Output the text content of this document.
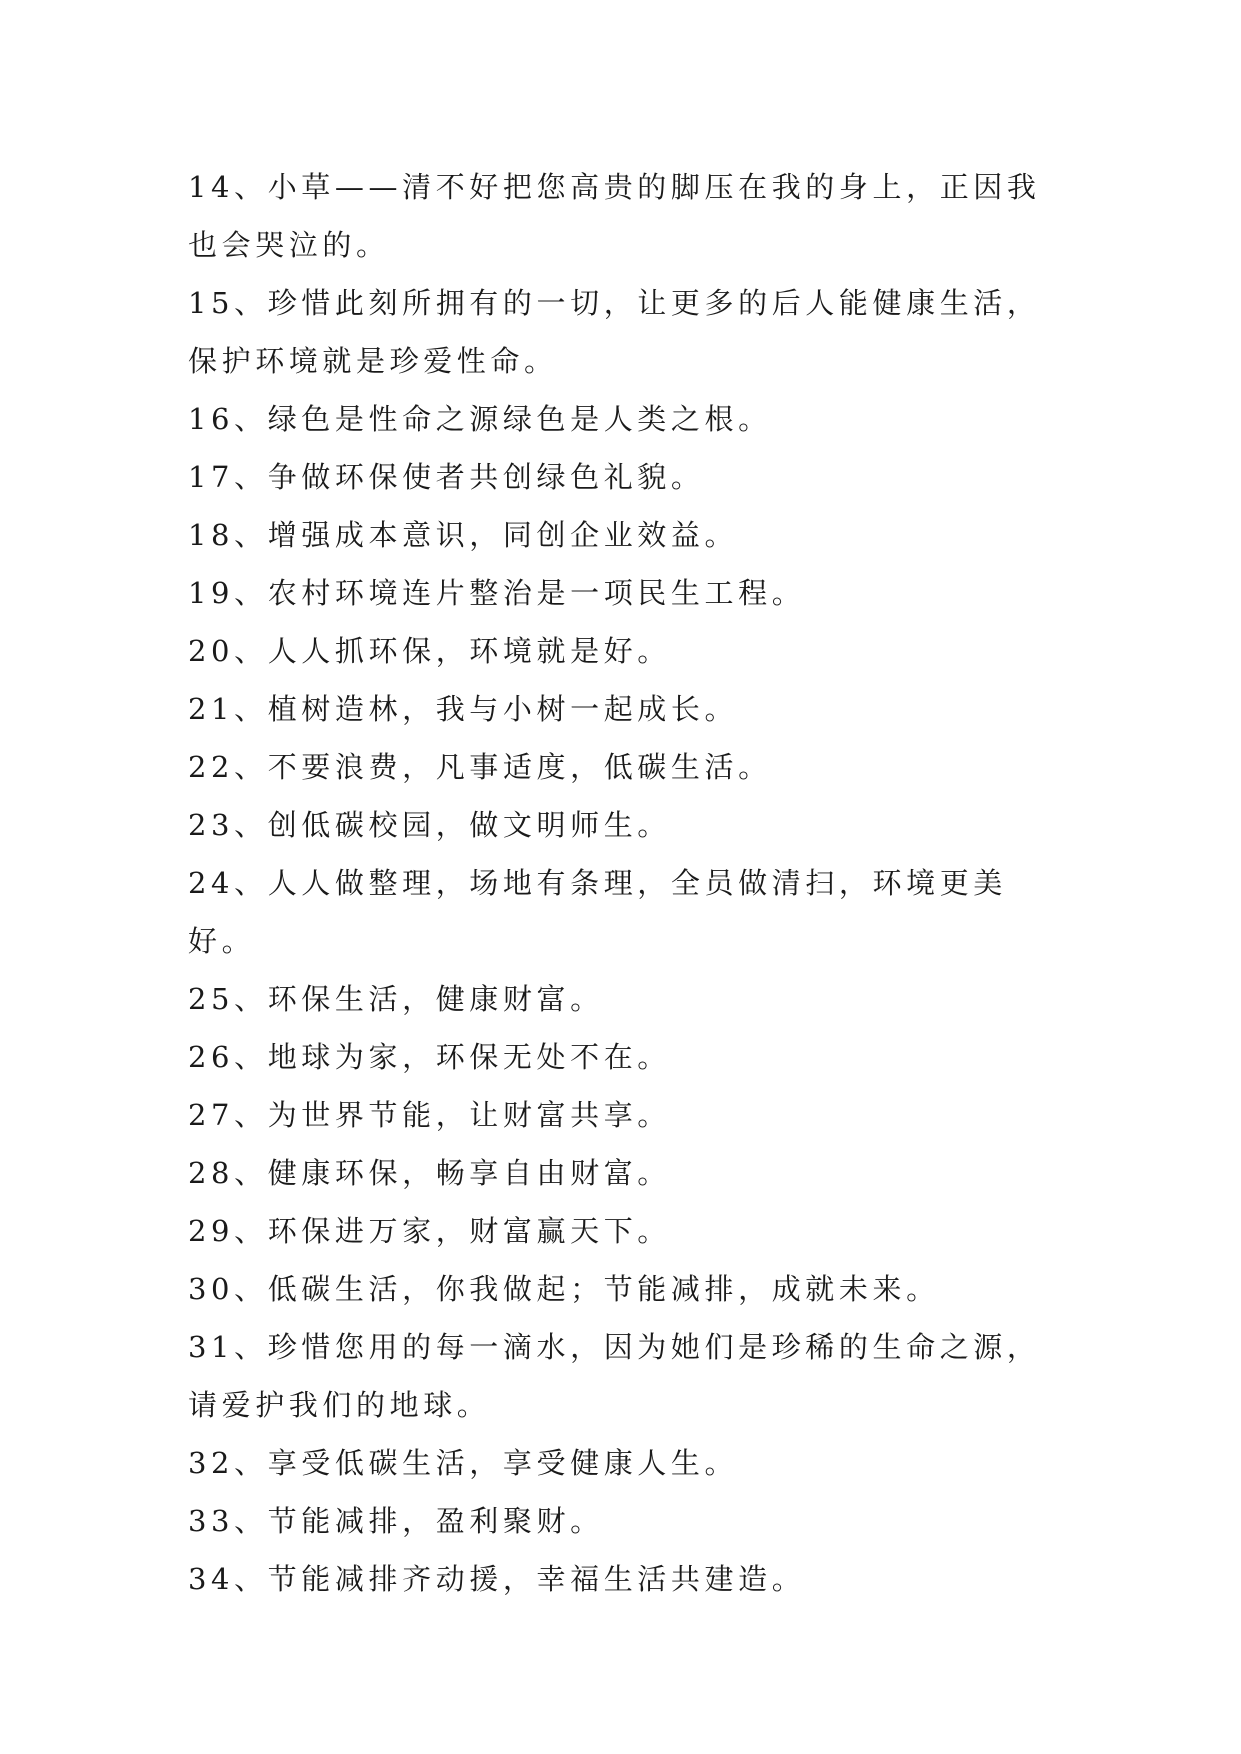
14、小草——清不好把您高贵的脚压在我的身上，正因我也会哭泣的。

15、珍惜此刻所拥有的一切，让更多的后人能健康生活，保护环境就是珍爱性命。

16、绿色是性命之源绿色是人类之根。

17、争做环保使者共创绿色礼貌。

18、增强成本意识，同创企业效益。

19、农村环境连片整治是一项民生工程。

20、人人抓环保，环境就是好。

21、植树造林，我与小树一起成长。

22、不要浪费，凡事适度，低碳生活。

23、创低碳校园，做文明师生。

24、人人做整理，场地有条理，全员做清扫，环境更美好。

25、环保生活，健康财富。

26、地球为家，环保无处不在。

27、为世界节能，让财富共享。

28、健康环保，畅享自由财富。

29、环保进万家，财富赢天下。

30、低碳生活，你我做起；节能减排，成就未来。

31、珍惜您用的每一滴水，因为她们是珍稀的生命之源，请爱护我们的地球。

32、享受低碳生活，享受健康人生。

33、节能减排，盈利聚财。

34、节能减排齐动援，幸福生活共建造。
